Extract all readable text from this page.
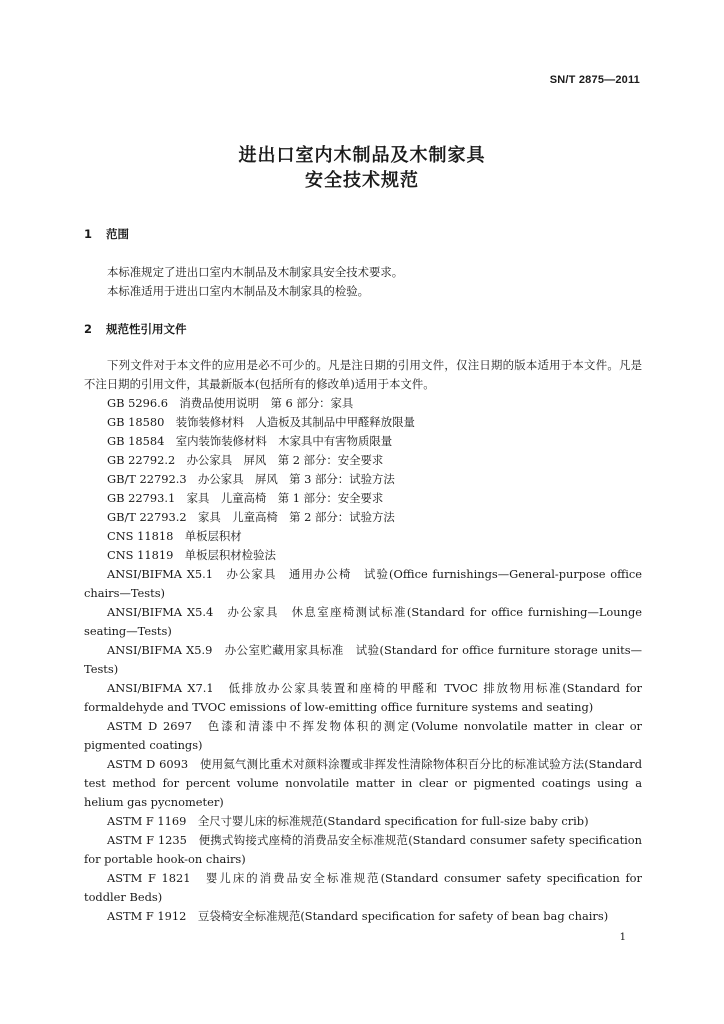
SN/T 2875—2011
进出口室内木制品及木制家具
安全技术规范
1 范围
本标准规定了进出口室内木制品及木制家具安全技术要求。
本标准适用于进出口室内木制品及木制家具的检验。
2 规范性引用文件
下列文件对于本文件的应用是必不可少的。凡是注日期的引用文件，仅注日期的版本适用于本文件。凡是不注日期的引用文件，其最新版本(包括所有的修改单)适用于本文件。
GB 5296.6　消费品使用说明　第 6 部分：家具
GB 18580　装饰装修材料　人造板及其制品中甲醛释放限量
GB 18584　室内装饰装修材料　木家具中有害物质限量
GB 22792.2　办公家具　屏风　第 2 部分：安全要求
GB/T 22792.3　办公家具　屏风　第 3 部分：试验方法
GB 22793.1　家具　儿童高椅　第 1 部分：安全要求
GB/T 22793.2　家具　儿童高椅　第 2 部分：试验方法
CNS 11818　单板层积材
CNS 11819　单板层积材检验法
ANSI/BIFMA X5.1　办公家具　通用办公椅　试验(Office furnishings—General-purpose office chairs—Tests)
ANSI/BIFMA X5.4　办公家具　休息室座椅测试标准(Standard for office furnishing—Lounge seating—Tests)
ANSI/BIFMA X5.9　办公室贮藏用家具标准　试验(Standard for office furniture storage units—Tests)
ANSI/BIFMA X7.1　低排放办公家具装置和座椅的甲醛和 TVOC 排放物用标准(Standard for formaldehyde and TVOC emissions of low-emitting office furniture systems and seating)
ASTM D 2697　色漆和清漆中不挥发物体积的测定(Volume nonvolatile matter in clear or pigmented coatings)
ASTM D 6093　使用氦气测比重术对颜料涂覆或非挥发性清除物体积百分比的标准试验方法(Standard test method for percent volume nonvolatile matter in clear or pigmented coatings using a helium gas pycnometer)
ASTM F 1169　全尺寸婴儿床的标准规范(Standard specification for full-size baby crib)
ASTM F 1235　便携式钩接式座椅的消费品安全标准规范(Standard consumer safety specification for portable hook-on chairs)
ASTM F 1821　婴儿床的消费品安全标准规范(Standard consumer safety specification for toddler Beds)
ASTM F 1912　豆袋椅安全标准规范(Standard specification for safety of bean bag chairs)
1
